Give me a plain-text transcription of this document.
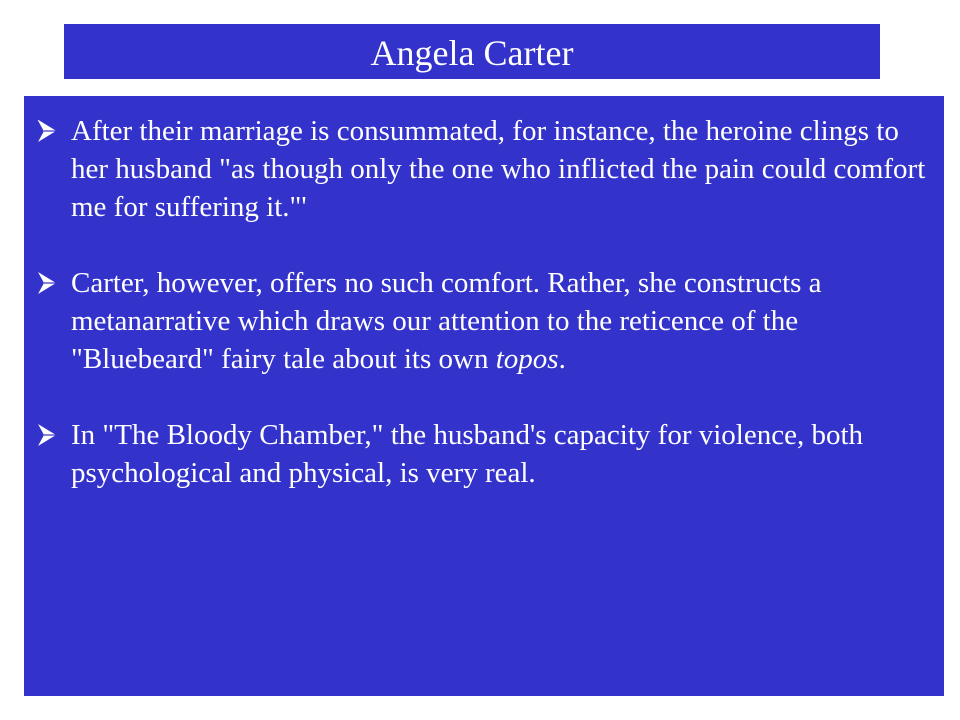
Angela Carter
After their marriage is consummated, for instance, the heroine clings to her husband "as though only the one who inflicted the pain could comfort me for suffering it."'
Carter, however, offers no such comfort. Rather, she constructs a metanarrative which draws our attention to the reticence of the "Bluebeard" fairy tale about its own topos.
In "The Bloody Chamber," the husband's capacity for violence, both psychological and physical, is very real.
